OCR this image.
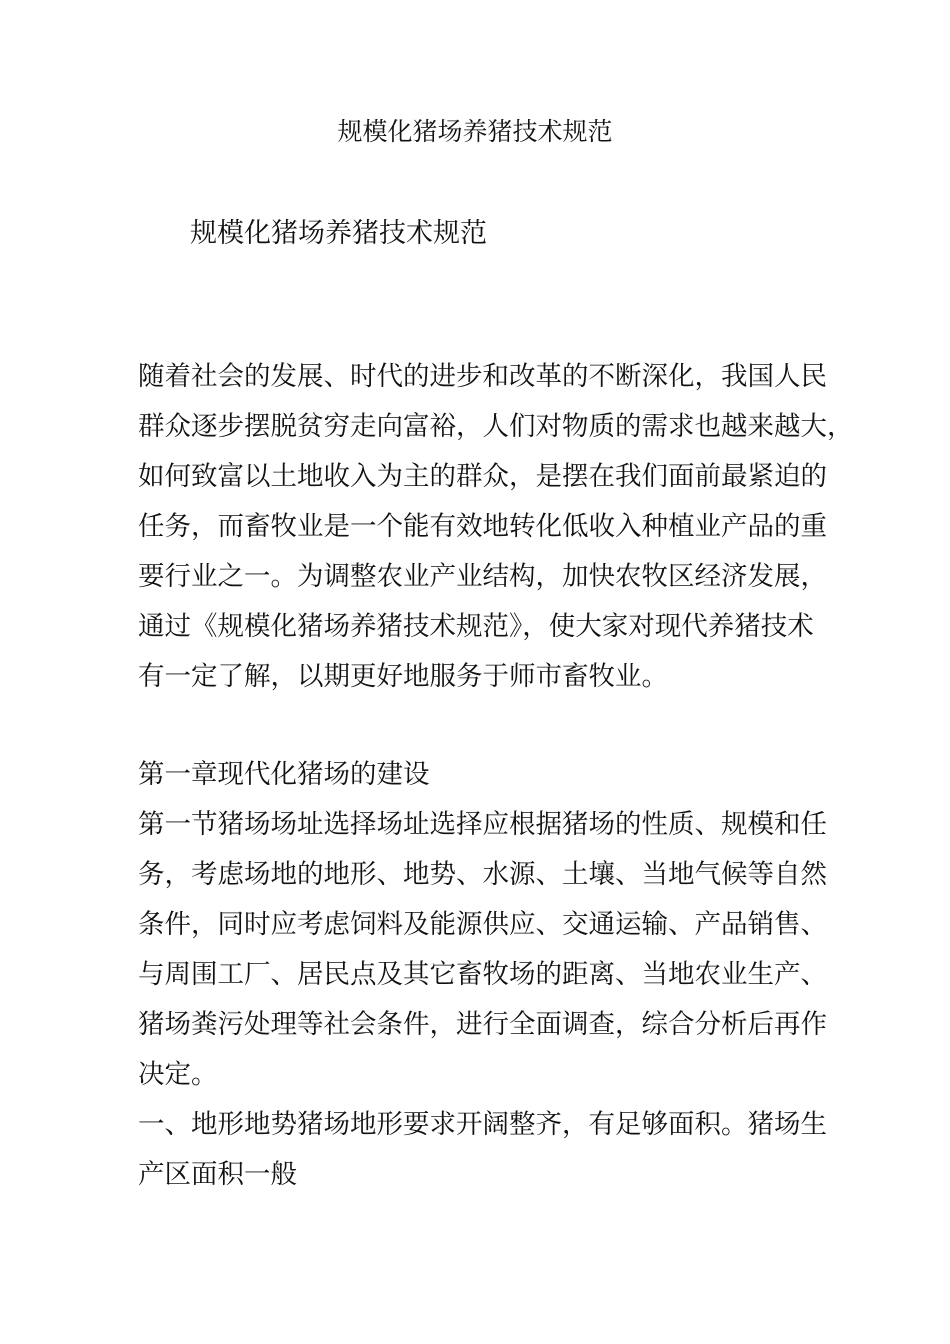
规模化猪场养猪技术规范
规模化猪场养猪技术规范

随着社会的发展、时代的进步和改革的不断深化，我国人民
群众逐步摆脱贫穷走向富裕，人们对物质的需求也越来越大，
如何致富以土地收入为主的群众，是摆在我们面前最紧迫的
任务，而畜牧业是一个能有效地转化低收入种植业产品的重
要行业之一。为调整农业产业结构，加快农牧区经济发展，
通过《规模化猪场养猪技术规范》，使大家对现代养猪技术
有一定了解，以期更好地服务于师市畜牧业。

第一章现代化猪场的建设
第一节猪场场址选择场址选择应根据猪场的性质、规模和任
务，考虑场地的地形、地势、水源、土壤、当地气候等自然
条件，同时应考虑饲料及能源供应、交通运输、产品销售、
与周围工厂、居民点及其它畜牧场的距离、当地农业生产、
猪场粪污处理等社会条件，进行全面调查，综合分析后再作
决定。
一、地形地势猪场地形要求开阔整齐，有足够面积。猪场生
产区面积一般
